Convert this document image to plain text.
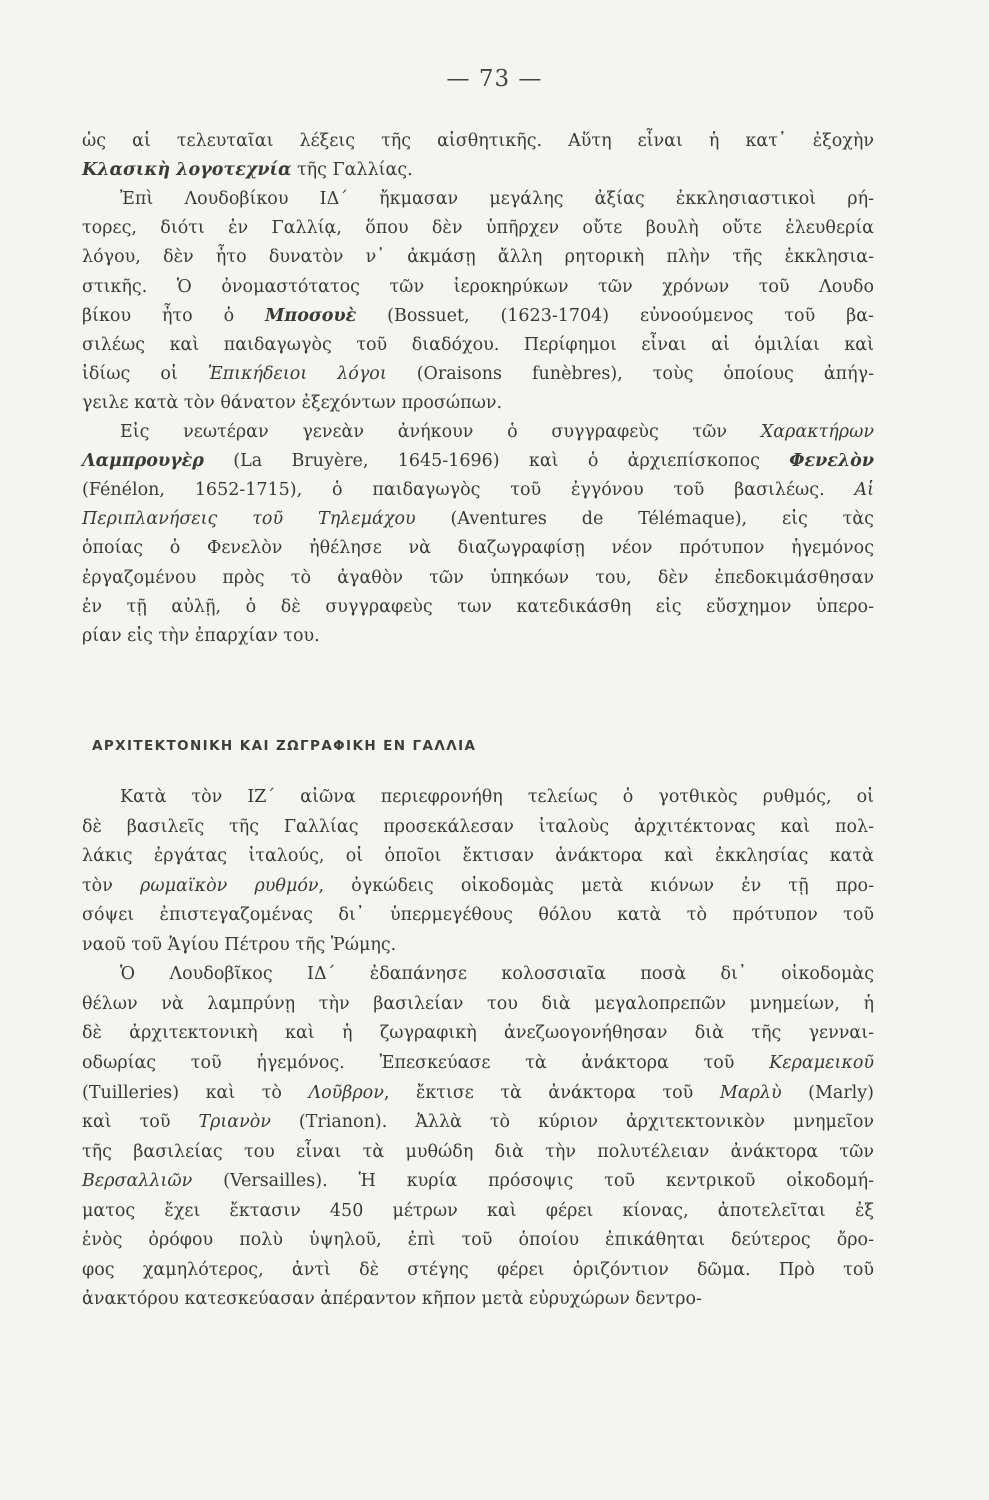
— 73 —
ὡς αἱ τελευταῖαι λέξεις τῆς αἰσθητικῆς. Αὕτη εἶναι ἡ κατ᾽ ἐξοχὴν
Κλασικὴ λογοτεχνία τῆς Γαλλίας.
Ἐπὶ Λουδοβίκου ΙΔ΄ ἤκμασαν μεγάλης ἀξίας ἐκκλησιαστικοὶ ρή-
τορες, διότι ἐν Γαλλίᾳ, ὅπου δὲν ὑπῆρχεν οὔτε βουλὴ οὔτε ἐλευθερία
λόγου, δὲν ἦτο δυνατὸν ν᾽ ἀκμάσῃ ἄλλη ρητορικὴ πλὴν τῆς ἐκκλησια-
στικῆς. Ὁ ὀνομαστότατος τῶν ἱεροκηρύκων τῶν χρόνων τοῦ Λουδο
βίκου ἦτο ὁ Μποσουὲ (Bossuet, (1623-1704) εὐνοούμενος τοῦ βα-
σιλέως καὶ παιδαγωγὸς τοῦ διαδόχου. Περίφημοι εἶναι αἱ ὁμιλίαι καὶ
ἰδίως οἱ Ἐπικήδειοι λόγοι (Oraisons funèbres), τοὺς ὁποίους ἀπήγ-
γειλε κατὰ τὸν θάνατον ἐξεχόντων προσώπων.
Εἰς νεωτέραν γενεὰν ἀνήκουν ὁ συγγραφεὺς τῶν Χαρακτήρων
Λαμπρουγὲρ (La Bruyère, 1645-1696) καὶ ὁ ἀρχιεπίσκοπος Φενελὸν
(Fénélon, 1652-1715), ὁ παιδαγωγὸς τοῦ ἐγγόνου τοῦ βασιλέως. Αἱ
Περιπλανήσεις τοῦ Τηλεμάχου (Aventures de Télémaque), εἰς τὰς
ὁποίας ὁ Φενελὸν ἠθέλησε νὰ διαζωγραφίσῃ νέον πρότυπον ἡγεμόνος
ἐργαζομένου πρὸς τὸ ἀγαθὸν τῶν ὑπηκόων του, δὲν ἐπεδοκιμάσθησαν
ἐν τῇ αὐλῇ, ὁ δὲ συγγραφεὺς των κατεδικάσθη εἰς εὔσχημον ὑπερο-
ρίαν εἰς τὴν ἐπαρχίαν του.
ΑΡΧΙΤΕΚΤΟΝΙΚΗ ΚΑΙ ΖΩΓΡΑΦΙΚΗ ΕΝ ΓΑΛΛΙΑ
Κατὰ τὸν ΙΖ΄ αἰῶνα περιεφρονήθη τελείως ὁ γοτθικὸς ρυθμός, οἱ
δὲ βασιλεῖς τῆς Γαλλίας προσεκάλεσαν ἰταλοὺς ἀρχιτέκτονας καὶ πολ-
λάκις ἐργάτας ἰταλούς, οἱ ὁποῖοι ἔκτισαν ἀνάκτορα καὶ ἐκκλησίας κατὰ
τὸν ρωμαϊκὸν ρυθμόν, ὀγκώδεις οἰκοδομὰς μετὰ κιόνων ἐν τῇ προ-
σόψει ἐπιστεγαζομένας δι᾽ ὑπερμεγέθους θόλου κατὰ τὸ πρότυπον τοῦ
ναοῦ τοῦ Ἁγίου Πέτρου τῆς Ῥώμης.
Ὁ Λουδοβῖκος ΙΔ΄ ἐδαπάνησε κολοσσιαῖα ποσὰ δι᾽ οἰκοδομὰς
θέλων νὰ λαμπρύνῃ τὴν βασιλείαν του διὰ μεγαλοπρεπῶν μνημείων, ἡ
δὲ ἀρχιτεκτονικὴ καὶ ἡ ζωγραφικὴ ἀνεζωογονήθησαν διὰ τῆς γενναι-
οδωρίας τοῦ ἡγεμόνος. Ἐπεσκεύασε τὰ ἀνάκτορα τοῦ Κεραμεικοῦ
(Tuilleries) καὶ τὸ Λοῦβρον, ἔκτισε τὰ ἀνάκτορα τοῦ Μαρλὺ (Marly)
καὶ τοῦ Τριανὸν (Trianon). Ἀλλὰ τὸ κύριον ἀρχιτεκτονικὸν μνημεῖον
τῆς βασιλείας του εἶναι τὰ μυθώδη διὰ τὴν πολυτέλειαν ἀνάκτορα τῶν
Βερσαλλιῶν (Versailles). Ἡ κυρία πρόσοψις τοῦ κεντρικοῦ οἰκοδομή-
ματος ἔχει ἔκτασιν 450 μέτρων καὶ φέρει κίονας, ἀποτελεῖται ἐξ
ἑνὸς ὀρόφου πολὺ ὑψηλοῦ, ἐπὶ τοῦ ὁποίου ἐπικάθηται δεύτερος ὄρο-
φος χαμηλότερος, ἀντὶ δὲ στέγης φέρει ὁριζόντιον δῶμα. Πρὸ τοῦ
ἀνακτόρου κατεσκεύασαν ἀπέραντον κῆπον μετὰ εὐρυχώρων δεντρο-
